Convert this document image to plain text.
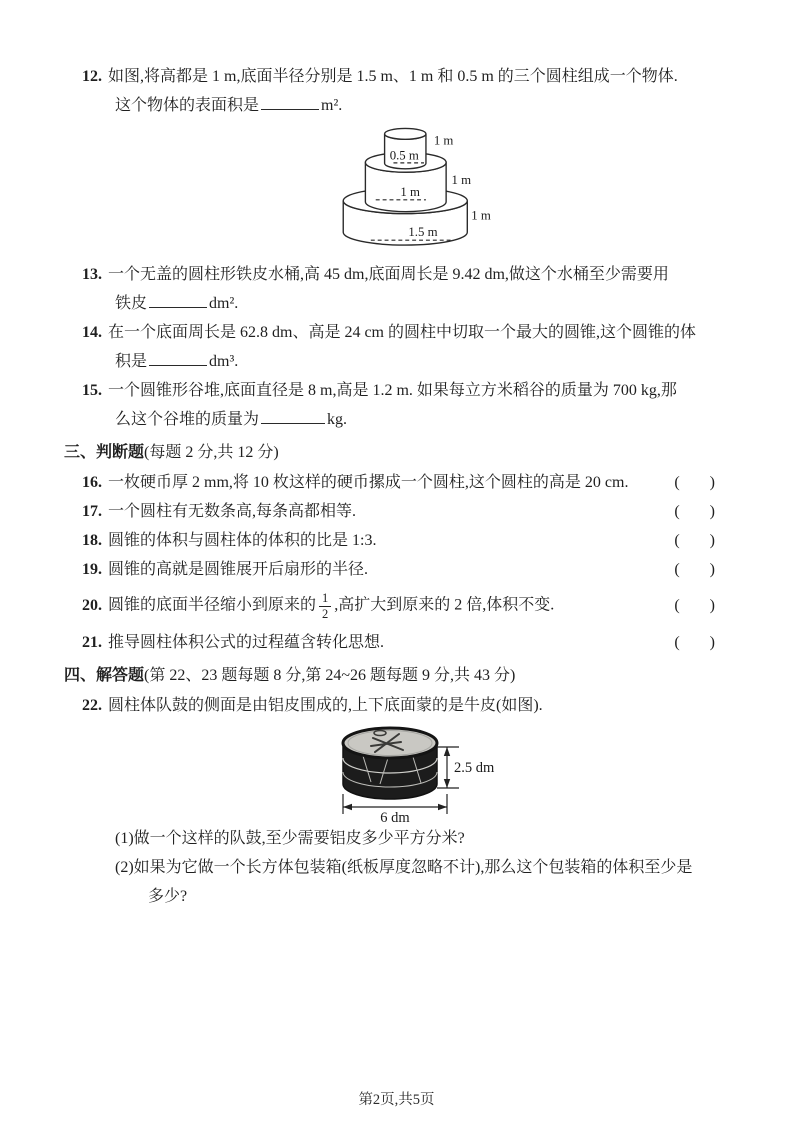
12. 如图,将高都是 1 m,底面半径分别是 1.5 m、1 m 和 0.5 m 的三个圆柱组成一个物体.
这个物体的表面积是	m².
0.5 m
1 m
1.5 m
1 m
1 m
1 m
13. 一个无盖的圆柱形铁皮水桶,高 45 dm,底面周长是 9.42 dm,做这个水桶至少需要用
铁皮	dm².
14. 在一个底面周长是 62.8 dm、高是 24 cm 的圆柱中切取一个最大的圆锥,这个圆锥的体
积是	dm³.
15. 一个圆锥形谷堆,底面直径是 8 m,高是 1.2 m. 如果每立方米稻谷的质量为 700 kg,那
么这个谷堆的质量为	kg.
三、判断题(每题 2 分,共 12 分)
16. 一枚硬币厚 2 mm,将 10 枚这样的硬币摞成一个圆柱,这个圆柱的高是 20 cm.	( )
17. 一个圆柱有无数条高,每条高都相等.	( )
18. 圆锥的体积与圆柱体的体积的比是 1:3.	( )
19. 圆锥的高就是圆锥展开后扇形的半径.	( )
20. 圆锥的底面半径缩小到原来的 $\frac{1}{2}$ ,高扩大到原来的 2 倍,体积不变.	( )
21. 推导圆柱体积公式的过程蕴含转化思想.	( )
四、解答题(第 22、23 题每题 8 分,第 24~26 题每题 9 分,共 43 分)
22. 圆柱体队鼓的侧面是由铝皮围成的,上下底面蒙的是牛皮(如图).
2.5 dm
6 dm
(1)做一个这样的队鼓,至少需要铝皮多少平方分米?
(2)如果为它做一个长方体包装箱(纸板厚度忽略不计),那么这个包装箱的体积至少是
多少?
第2页,共5页
